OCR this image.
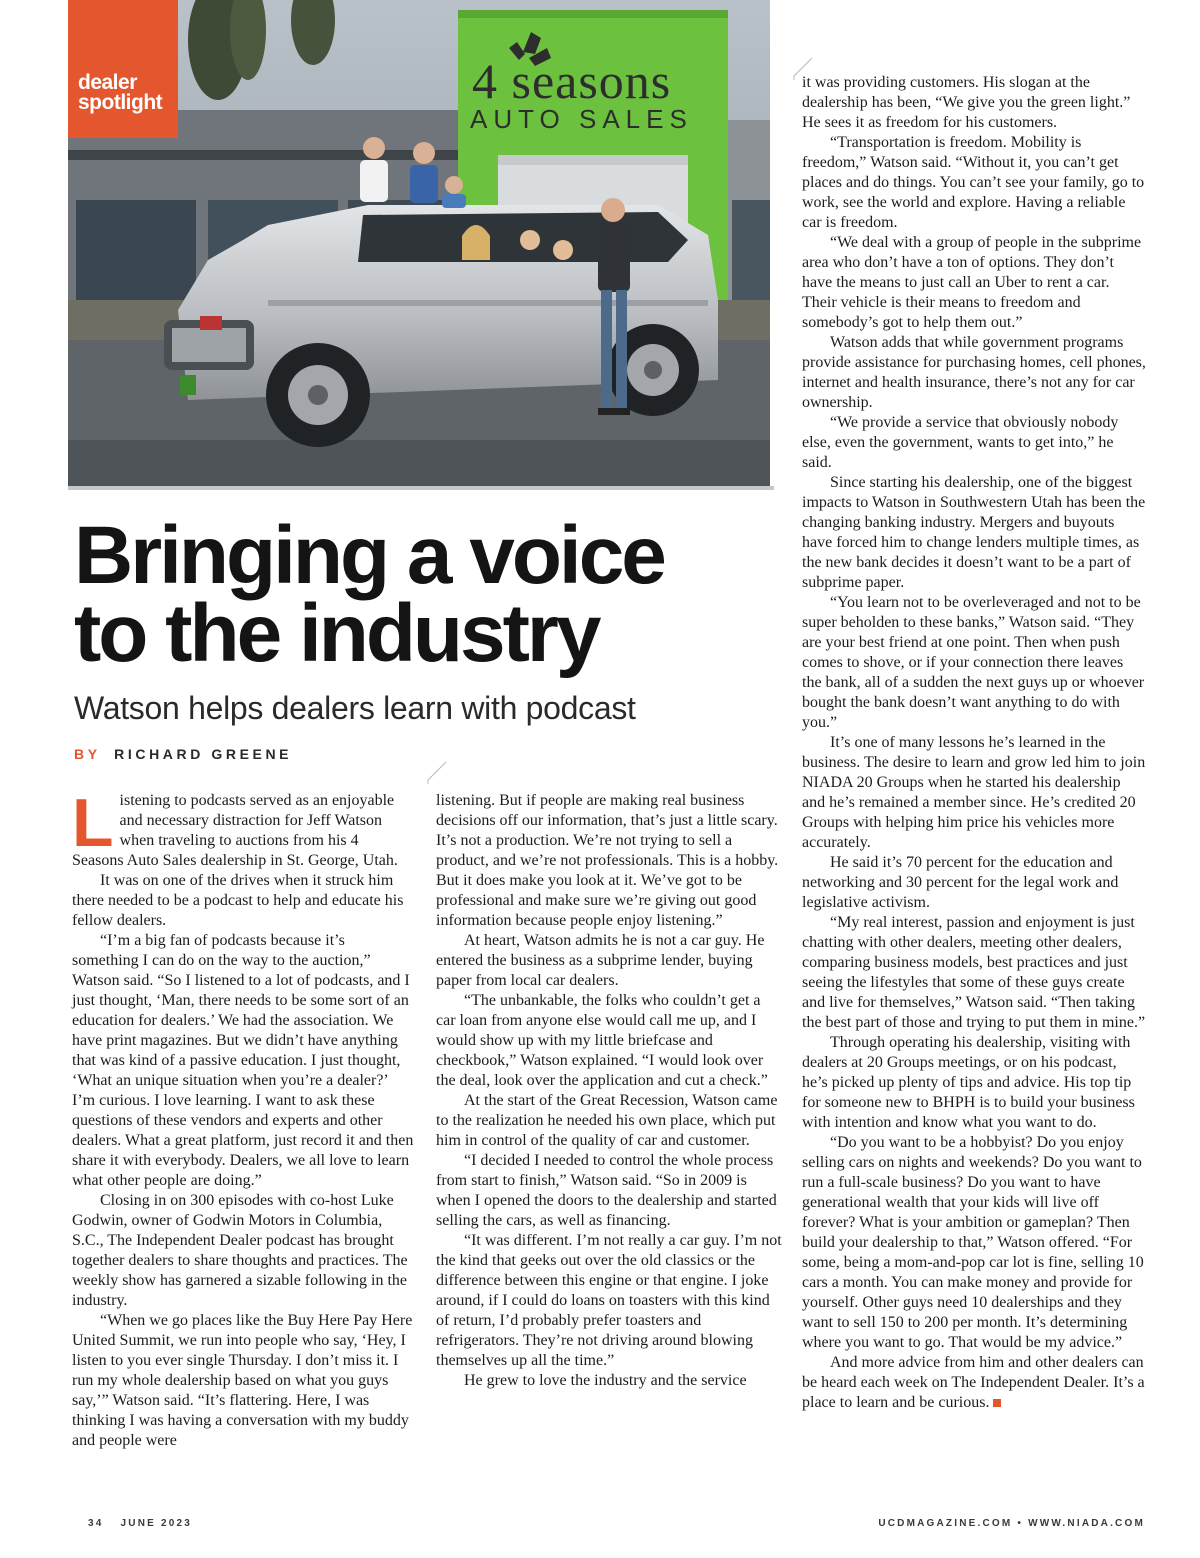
dealer
spotlight	4 seasons
AUTO SALES
Bringing a voice
to the industry
Watson helps dealers learn with podcast
BY RICHARD GREENE

Listening to podcasts served as an enjoyable and necessary distraction for Jeff Watson when traveling to auctions from his 4 Seasons Auto Sales dealership in St. George, Utah.

It was on one of the drives when it struck him there needed to be a podcast to help and educate his fellow dealers.

“I’m a big fan of podcasts because it’s something I can do on the way to the auction,” Watson said. “So I listened to a lot of podcasts, and I just thought, ‘Man, there needs to be some sort of an education for dealers.’ We had the association. We have print magazines. But we didn’t have anything that was kind of a passive education. I just thought, ‘What an unique situation when you’re a dealer?’ I’m curious. I love learning. I want to ask these questions of these vendors and experts and other dealers. What a great platform, just record it and then share it with everybody. Dealers, we all love to learn what other people are doing.”

Closing in on 300 episodes with co-host Luke Godwin, owner of Godwin Motors in Columbia, S.C., The Independent Dealer podcast has brought together dealers to share thoughts and practices. The weekly show has garnered a sizable following in the industry.

“When we go places like the Buy Here Pay Here United Summit, we run into people who say, ‘Hey, I listen to you ever single Thursday. I don’t miss it. I run my whole dealership based on what you guys say,’” Watson said. “It’s flattering. Here, I was thinking I was having a conversation with my buddy and people were

listening. But if people are making real business decisions off our information, that’s just a little scary. It’s not a production. We’re not trying to sell a product, and we’re not professionals. This is a hobby. But it does make you look at it. We’ve got to be professional and make sure we’re giving out good information because people enjoy listening.”

At heart, Watson admits he is not a car guy. He entered the business as a subprime lender, buying paper from local car dealers.

“The unbankable, the folks who couldn’t get a car loan from anyone else would call me up, and I would show up with my little briefcase and checkbook,” Watson explained. “I would look over the deal, look over the application and cut a check.”

At the start of the Great Recession, Watson came to the realization he needed his own place, which put him in control of the quality of car and customer.

“I decided I needed to control the whole process from start to finish,” Watson said. “So in 2009 is when I opened the doors to the dealership and started selling the cars, as well as financing.

“It was different. I’m not really a car guy. I’m not the kind that geeks out over the old classics or the difference between this engine or that engine. I joke around, if I could do loans on toasters with this kind of return, I’d probably prefer toasters and refrigerators. They’re not driving around blowing themselves up all the time.”

He grew to love the industry and the service

it was providing customers. His slogan at the dealership has been, “We give you the green light.” He sees it as freedom for his customers.

“Transportation is freedom. Mobility is freedom,” Watson said. “Without it, you can’t get places and do things. You can’t see your family, go to work, see the world and explore. Having a reliable car is freedom.

“We deal with a group of people in the subprime area who don’t have a ton of options. They don’t have the means to just call an Uber to rent a car. Their vehicle is their means to freedom and somebody’s got to help them out.”

Watson adds that while government programs provide assistance for purchasing homes, cell phones, internet and health insurance, there’s not any for car ownership.

“We provide a service that obviously nobody else, even the government, wants to get into,” he said.

Since starting his dealership, one of the biggest impacts to Watson in Southwestern Utah has been the changing banking industry. Mergers and buyouts have forced him to change lenders multiple times, as the new bank decides it doesn’t want to be a part of subprime paper.

“You learn not to be overleveraged and not to be super beholden to these banks,” Watson said. “They are your best friend at one point. Then when push comes to shove, or if your connection there leaves the bank, all of a sudden the next guys up or whoever bought the bank doesn’t want anything to do with you.”

It’s one of many lessons he’s learned in the business. The desire to learn and grow led him to join NIADA 20 Groups when he started his dealership and he’s remained a member since. He’s credited 20 Groups with helping him price his vehicles more accurately.

He said it’s 70 percent for the education and networking and 30 percent for the legal work and legislative activism.

“My real interest, passion and enjoyment is just chatting with other dealers, meeting other dealers, comparing business models, best practices and just seeing the lifestyles that some of these guys create and live for themselves,” Watson said. “Then taking the best part of those and trying to put them in mine.”

Through operating his dealership, visiting with dealers at 20 Groups meetings, or on his podcast, he’s picked up plenty of tips and advice. His top tip for someone new to BHPH is to build your business with intention and know what you want to do.

“Do you want to be a hobbyist? Do you enjoy selling cars on nights and weekends? Do you want to run a full-scale business? Do you want to have generational wealth that your kids will live off forever? What is your ambition or gameplan? Then build your dealership to that,” Watson offered. “For some, being a mom-and-pop car lot is fine, selling 10 cars a month. You can make money and provide for yourself. Other guys need 10 dealerships and they want to sell 150 to 200 per month. It’s determining where you want to go. That would be my advice.”

And more advice from him and other dealers can be heard each week on The Independent Dealer. It’s a place to learn and be curious.

34 JUNE 2023	UCDMAGAZINE.COM • WWW.NIADA.COM
